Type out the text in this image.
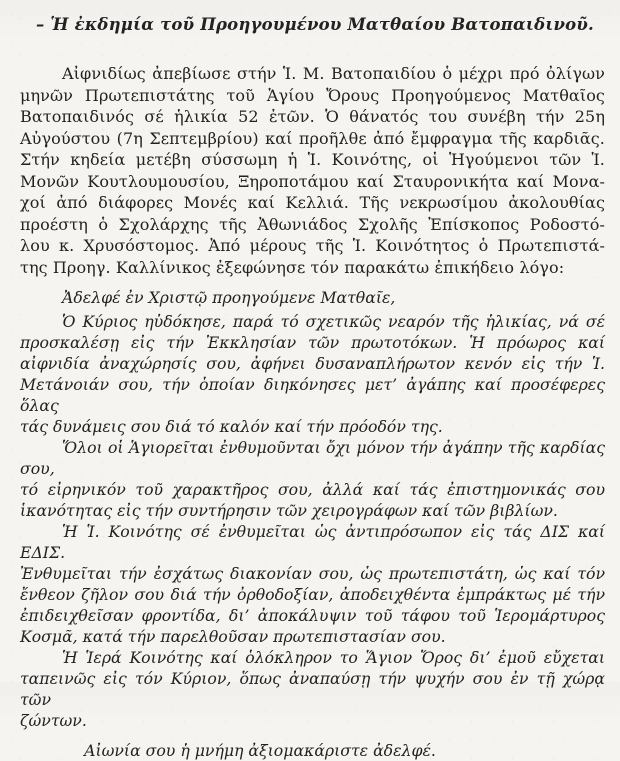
– Ἡ ἐκδημία τοῦ Προηγουμένου Ματθαίου Βατοπαιδινοῦ.
Αἰφνιδίως ἀπεβίωσε στήν Ἱ. Μ. Βατοπαιδίου ὁ μέχρι πρό ὀλίγων
μηνῶν Πρωτεπιστάτης τοῦ Ἁγίου Ὄρους Προηγούμενος Ματθαῖος
Βατοπαιδινός σέ ἡλικία 52 ἐτῶν. Ὁ θάνατός του συνέβη τήν 25η
Αὐγούστου (7η Σεπτεμβρίου) καί προῆλθε ἀπό ἔμφραγμα τῆς καρδιᾶς.
Στήν κηδεία μετέβη σύσσωμη ἡ Ἱ. Κοινότης, οἱ Ἡγούμενοι τῶν Ἱ.
Μονῶν Κουτλουμουσίου, Ξηροποτάμου καί Σταυρονικήτα καί Μονα-
χοί ἀπό διάφορες Μονές καί Κελλιά. Τῆς νεκρωσίμου ἀκολουθίας
προέστη ὁ Σχολάρχης τῆς Ἀθωνιάδος Σχολῆς Ἐπίσκοπος Ροδοστό-
λου κ. Χρυσόστομος. Ἀπό μέρους τῆς Ἱ. Κοινότητος ὁ Πρωτεπιστά-
της Προηγ. Καλλίνικος ἐξεφώνησε τόν παρακάτω ἐπικήδειο λόγο:
Ἀδελφέ ἐν Χριστῷ προηγούμενε Ματθαῖε,
Ὁ Κύριος ηὐδόκησε, παρά τό σχετικῶς νεαρόν τῆς ἡλικίας, νά σέ
προσκαλέσῃ εἰς τήν Ἐκκλησίαν τῶν πρωτοτόκων. Ἡ πρόωρος καί
αἰφνιδία ἀναχώρησίς σου, ἀφήνει δυσαναπλήρωτον κενόν εἰς τήν Ἱ.
Μετάνοιάν σου, τήν ὁποίαν διηκόνησες μετ’ ἀγάπης καί προσέφερες ὅλας
τάς δυνάμεις σου διά τό καλόν καί τήν πρόοδόν της.
Ὅλοι οἱ Ἁγιορεῖται ἐνθυμοῦνται ὄχι μόνον τήν ἀγάπην τῆς καρδίας σου,
τό εἰρηνικόν τοῦ χαρακτῆρος σου, ἀλλά καί τάς ἐπιστημονικάς σου
ἱκανότητας εἰς τήν συντήρησιν τῶν χειρογράφων καί τῶν βιβλίων.
Ἡ Ἱ. Κοινότης σέ ἐνθυμεῖται ὡς ἀντιπρόσωπον εἰς τάς ΔΙΣ καί ΕΔΙΣ.
Ἐνθυμεῖται τήν ἐσχάτως διακονίαν σου, ὡς πρωτεπιστάτη, ὡς καί τόν
ἔνθεον ζῆλον σου διά τήν ὀρθοδοξίαν, ἀποδειχθέντα ἐμπράκτως μέ τήν
ἐπιδειχθεῖσαν φροντίδα, δι’ ἀποκάλυψιν τοῦ τάφου τοῦ Ἱερομάρτυρος
Κοσμᾶ, κατά τήν παρελθοῦσαν πρωτεπιστασίαν σου.
Ἡ Ἱερά Κοινότης καί ὁλόκληρον το Ἅγιον Ὄρος δι’ ἐμοῦ εὔχεται
ταπεινῶς εἰς τόν Κύριον, ὅπως ἀναπαύσῃ τήν ψυχήν σου ἐν τῇ χώρᾳ τῶν
ζώντων.
Αἰωνία σου ἡ μνήμη ἀξιομακάριστε ἀδελφέ.
